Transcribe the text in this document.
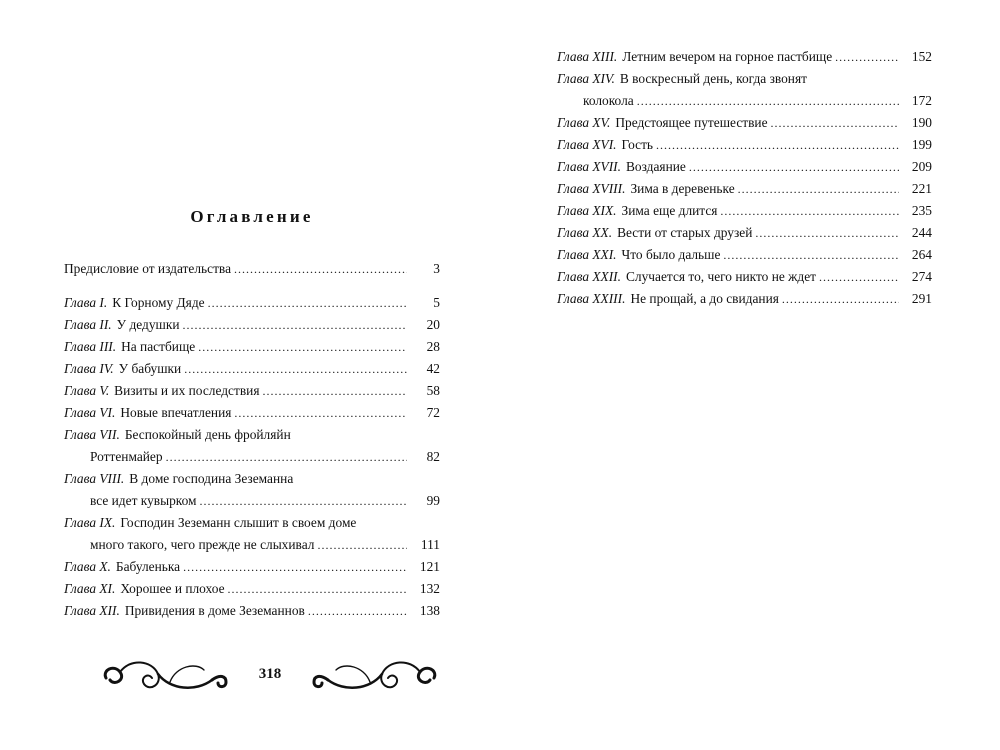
Оглавление
Предисловие от издательства .....	3
Глава I. К Горному Дяде .....	5
Глава II. У дедушки .....	20
Глава III. На пастбище .....	28
Глава IV. У бабушки .....	42
Глава V. Визиты и их последствия .....	58
Глава VI. Новые впечатления .....	72
Глава VII. Беспокойный день фройляйн
Роттенмайер .....	82
Глава VIII. В доме господина Зеземанна
все идет кувырком .....	99
Глава IX. Господин Зеземанн слышит в своем доме
много такого, чего прежде не слыхивал .....	111
Глава X. Бабуленька .....	121
Глава XI. Хорошее и плохое .....	132
Глава XII. Привидения в доме Зеземаннов .....	138
318
Глава XIII. Летним вечером на горное пастбище .....	152
Глава XIV. В воскресный день, когда звонят
колокола .....	172
Глава XV. Предстоящее путешествие .....	190
Глава XVI. Гость .....	199
Глава XVII. Воздаяние .....	209
Глава XVIII. Зима в деревеньке .....	221
Глава XIX. Зима еще длится .....	235
Глава XX. Вести от старых друзей .....	244
Глава XXI. Что было дальше .....	264
Глава XXII. Случается то, чего никто не ждет .....	274
Глава XXIII. Не прощай, а до свидания .....	291
